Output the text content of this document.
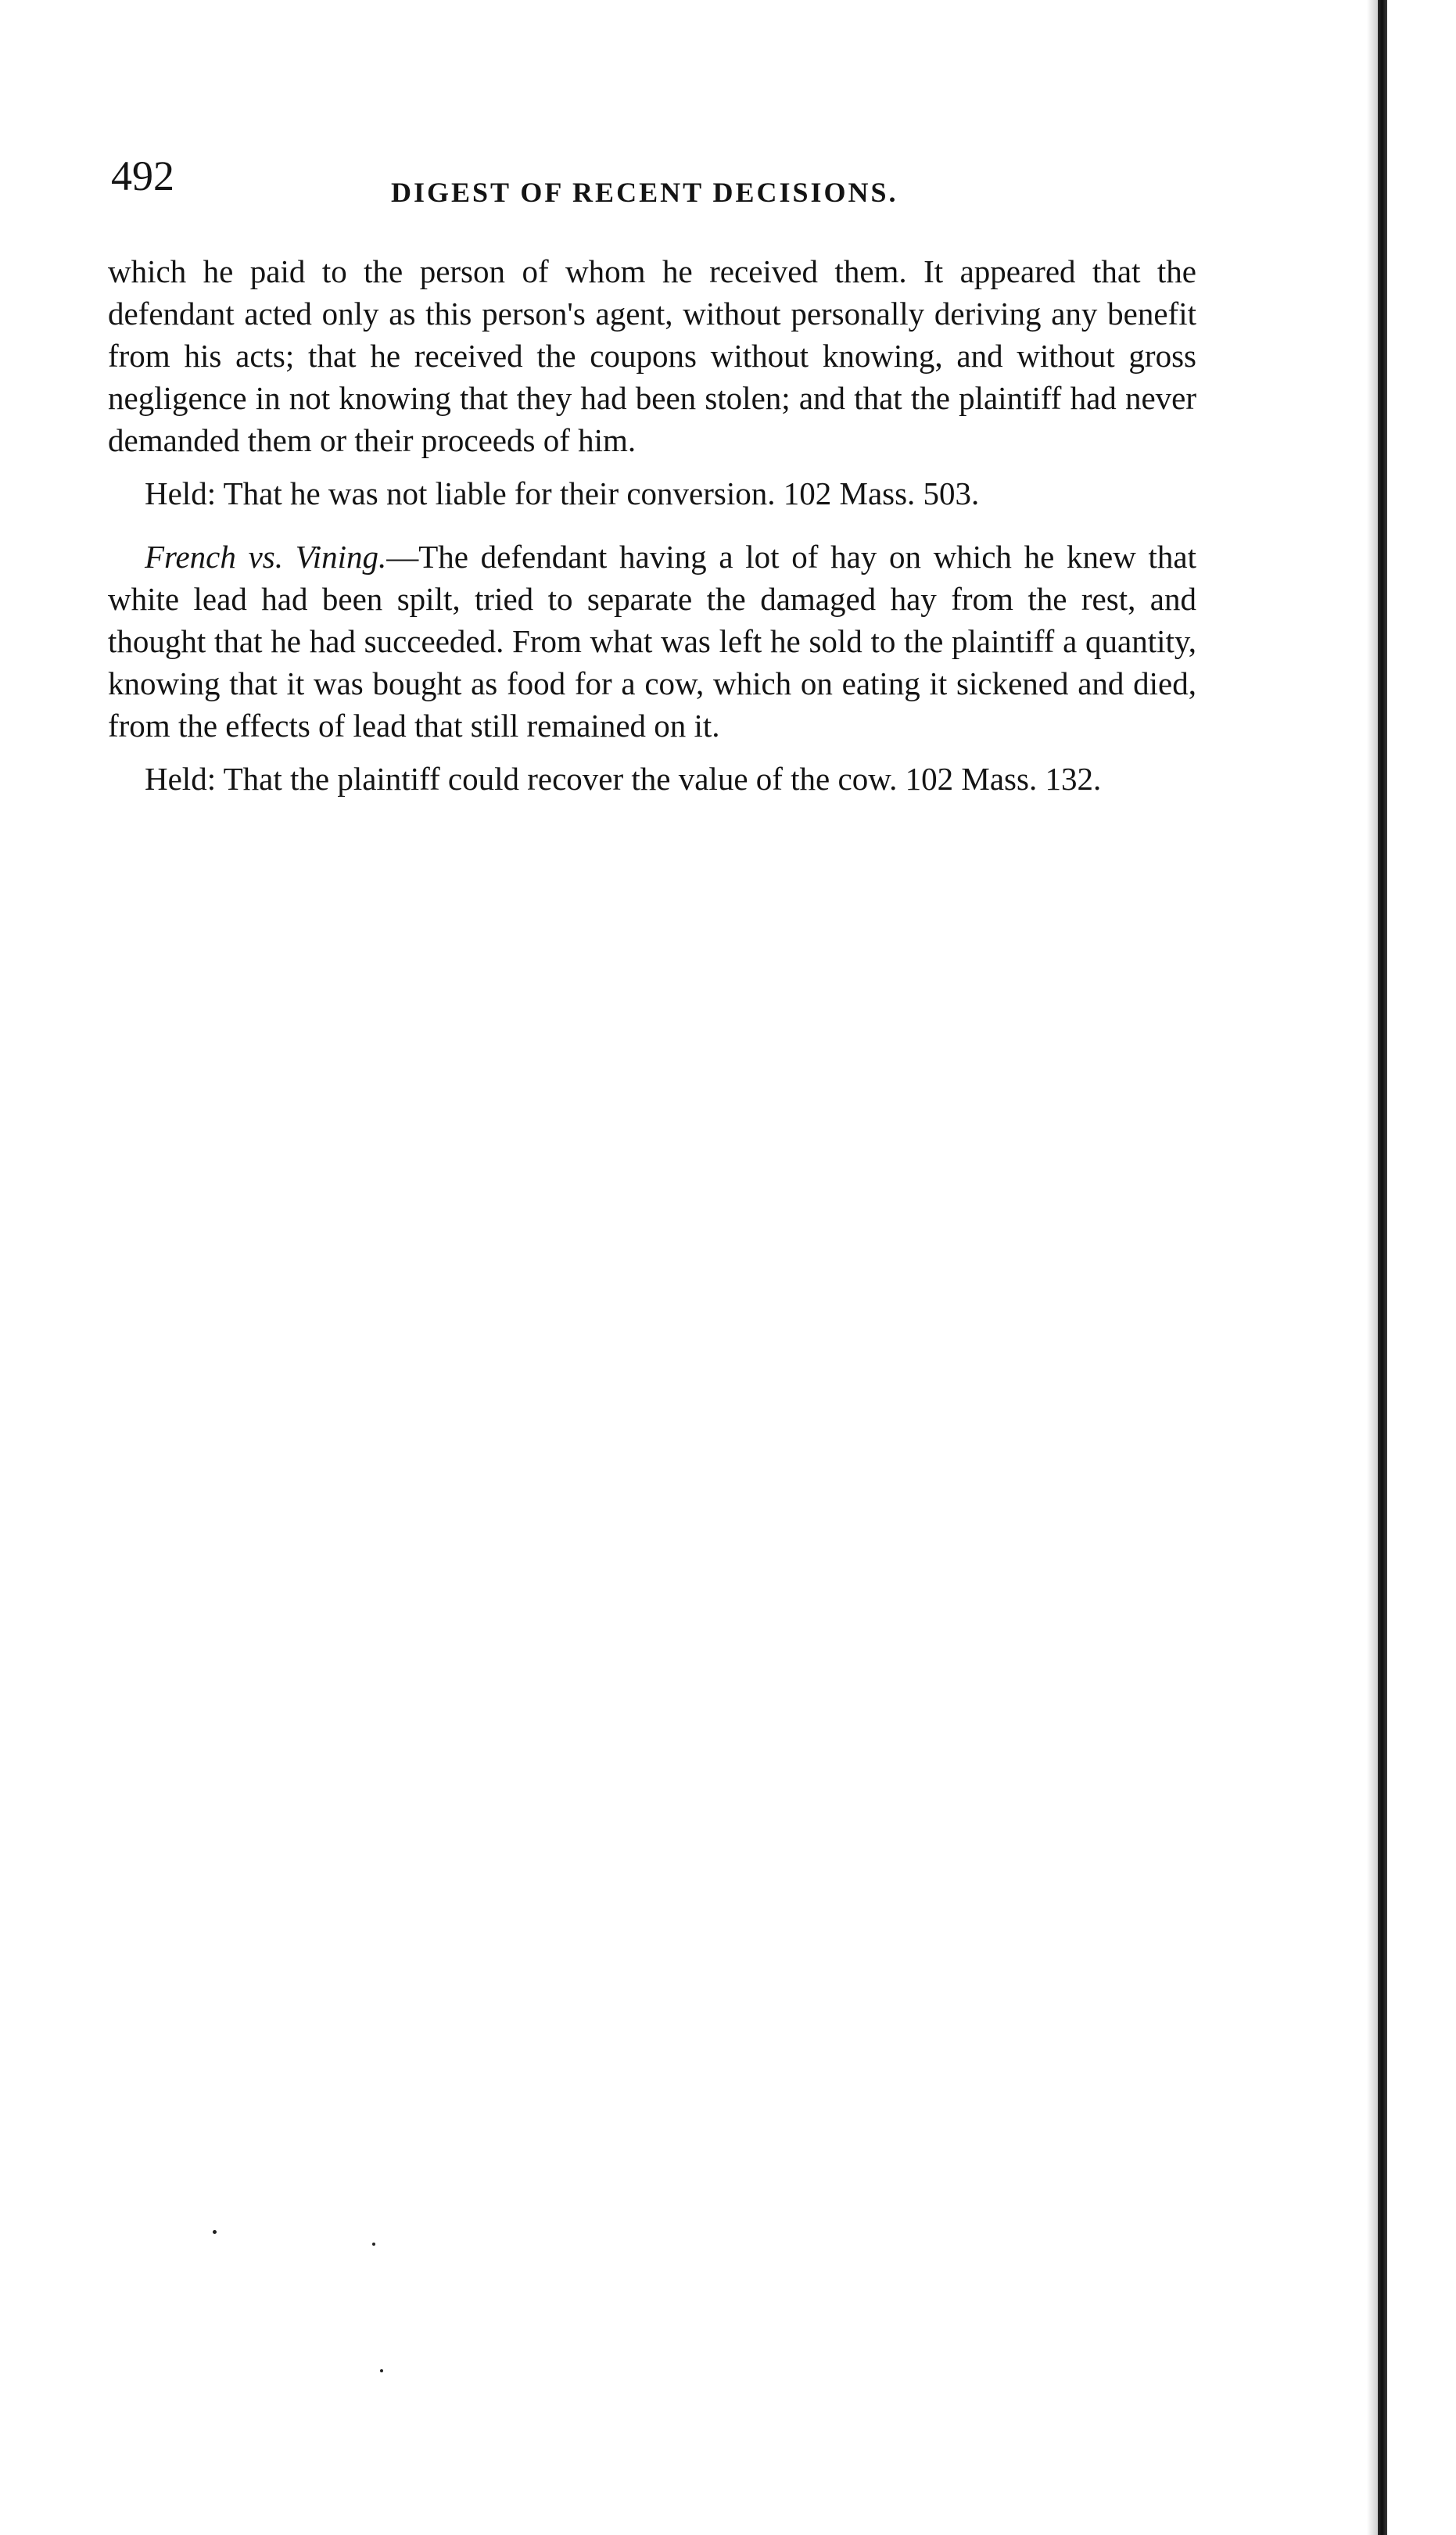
492	DIGEST OF RECENT DECISIONS.

which he paid to the person of whom he received them. It appeared that the defendant acted only as this person's agent, without personally deriving any benefit from his acts; that he received the coupons without knowing, and without gross negligence in not knowing that they had been stolen; and that the plaintiff had never demanded them or their proceeds of him.

Held: That he was not liable for their conversion. 102 Mass. 503.

French vs. Vining.—The defendant having a lot of hay on which he knew that white lead had been spilt, tried to separate the damaged hay from the rest, and thought that he had succeeded. From what was left he sold to the plaintiff a quantity, knowing that it was bought as food for a cow, which on eating it sickened and died, from the effects of lead that still remained on it.

Held: That the plaintiff could recover the value of the cow. 102 Mass. 132.
